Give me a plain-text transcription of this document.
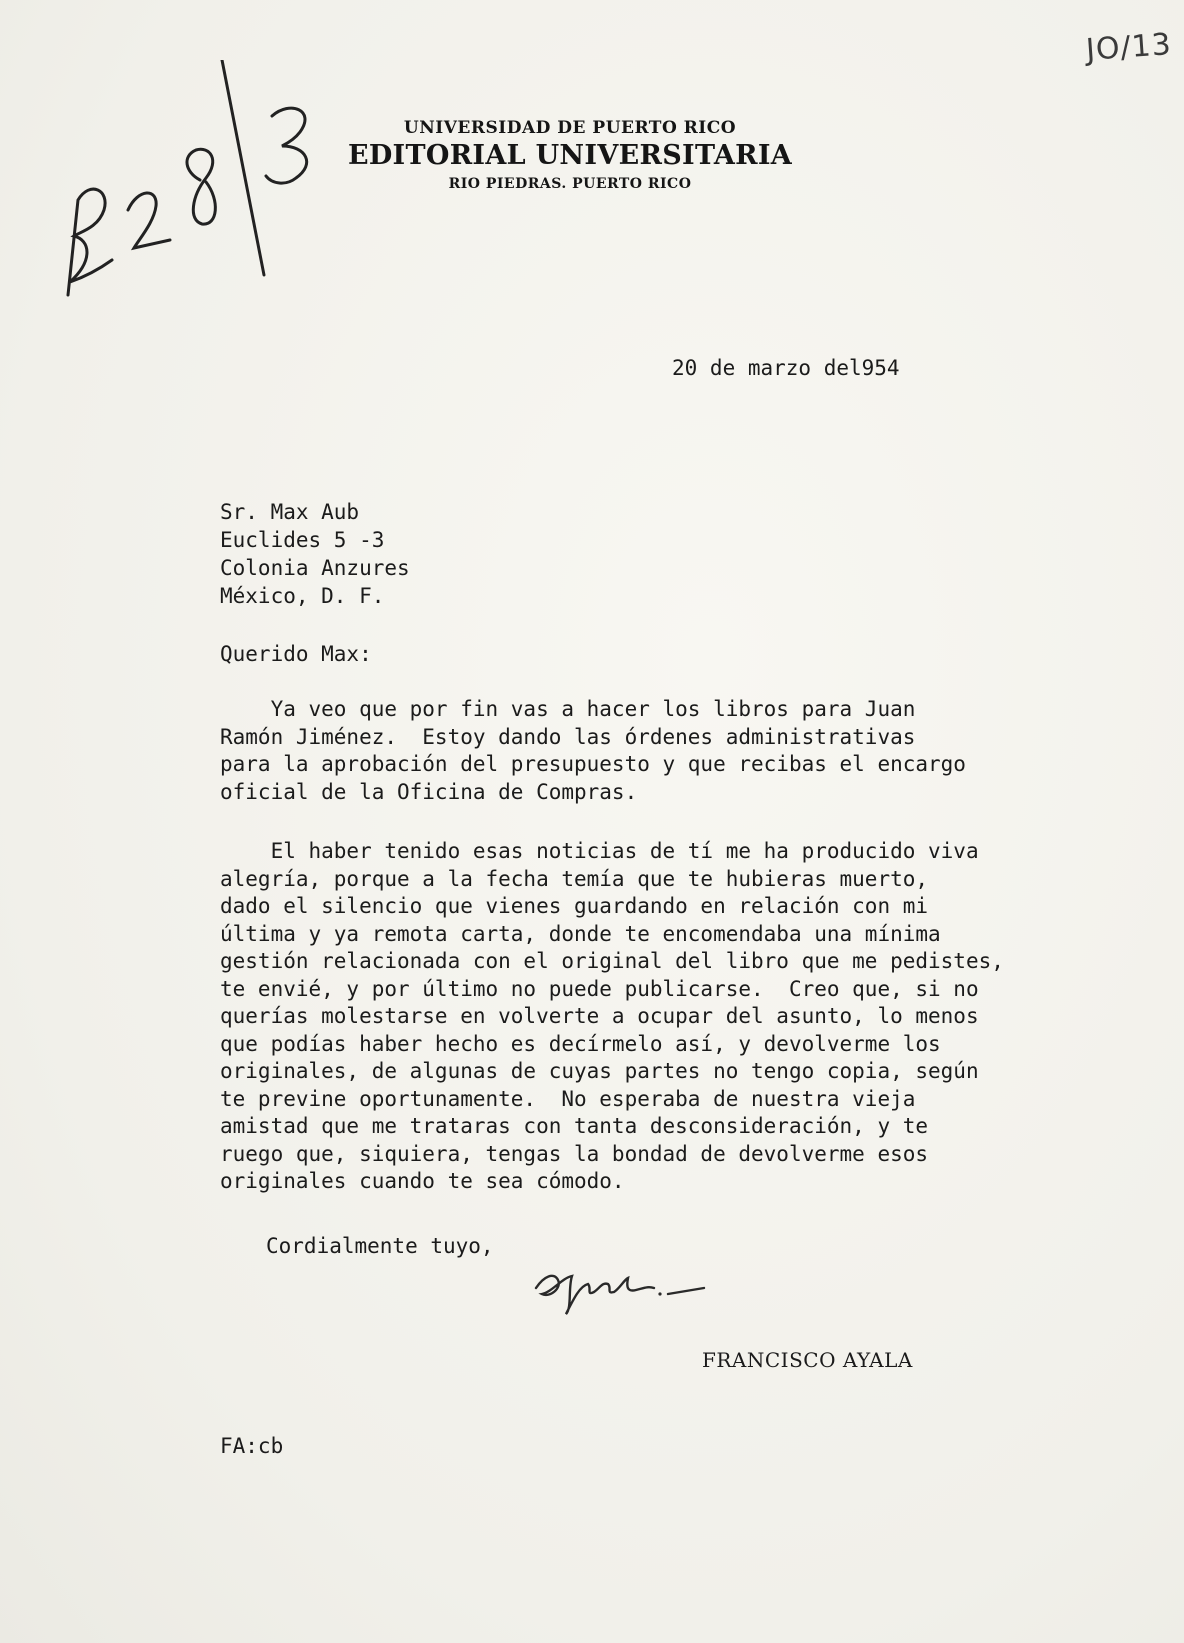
JO/13
UNIVERSIDAD DE PUERTO RICO
EDITORIAL UNIVERSITARIA
RIO PIEDRAS. PUERTO RICO
20 de marzo del954
Sr. Max Aub
Euclides 5 -3
Colonia Anzures
México, D. F.
Querido Max:
Ya veo que por fin vas a hacer los libros para Juan
Ramón Jiménez.  Estoy dando las órdenes administrativas
para la aprobación del presupuesto y que recibas el encargo
oficial de la Oficina de Compras.
El haber tenido esas noticias de tí me ha producido viva
alegría, porque a la fecha temía que te hubieras muerto,
dado el silencio que vienes guardando en relación con mi
última y ya remota carta, donde te encomendaba una mínima
gestión relacionada con el original del libro que me pedistes,
te envié, y por último no puede publicarse.  Creo que, si no
querías molestarse en volverte a ocupar del asunto, lo menos
que podías haber hecho es decírmelo así, y devolverme los
originales, de algunas de cuyas partes no tengo copia, según
te previne oportunamente.  No esperaba de nuestra vieja
amistad que me trataras con tanta desconsideración, y te
ruego que, siquiera, tengas la bondad de devolverme esos
originales cuando te sea cómodo.
Cordialmente tuyo,
FRANCISCO AYALA
FA:cb
